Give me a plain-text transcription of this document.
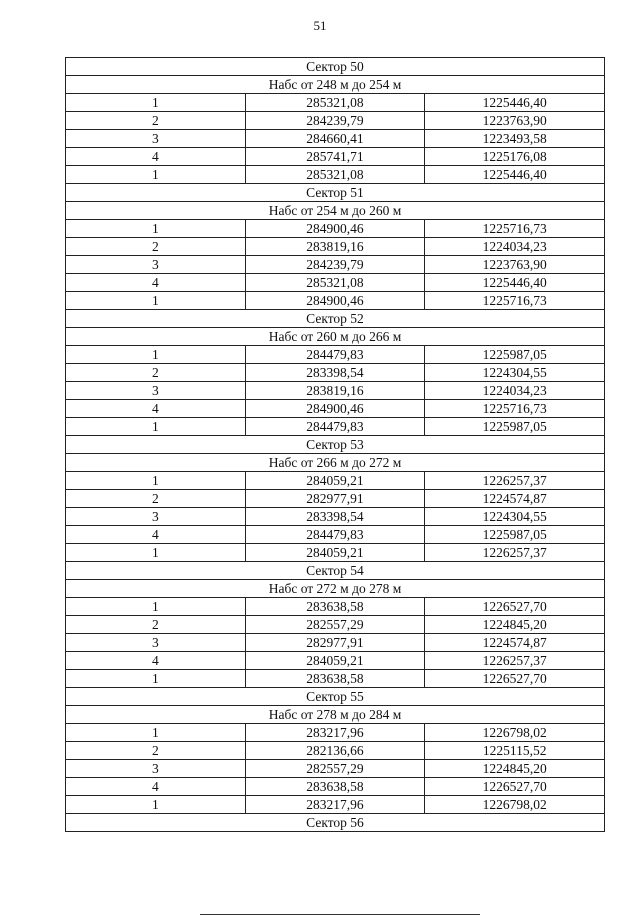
51
Сектор 50		
Набс от 248 м до 254 м		
1	285321,08	1225446,40
2	284239,79	1223763,90
3	284660,41	1223493,58
4	285741,71	1225176,08
1	285321,08	1225446,40
Сектор 51		
Набс от 254 м до 260 м		
1	284900,46	1225716,73
2	283819,16	1224034,23
3	284239,79	1223763,90
4	285321,08	1225446,40
1	284900,46	1225716,73
Сектор 52		
Набс от 260 м до 266 м		
1	284479,83	1225987,05
2	283398,54	1224304,55
3	283819,16	1224034,23
4	284900,46	1225716,73
1	284479,83	1225987,05
Сектор 53		
Набс от 266 м до 272 м		
1	284059,21	1226257,37
2	282977,91	1224574,87
3	283398,54	1224304,55
4	284479,83	1225987,05
1	284059,21	1226257,37
Сектор 54		
Набс от 272 м до 278 м		
1	283638,58	1226527,70
2	282557,29	1224845,20
3	282977,91	1224574,87
4	284059,21	1226257,37
1	283638,58	1226527,70
Сектор 55		
Набс от 278 м до 284 м		
1	283217,96	1226798,02
2	282136,66	1225115,52
3	282557,29	1224845,20
4	283638,58	1226527,70
1	283217,96	1226798,02
Сектор 56		
